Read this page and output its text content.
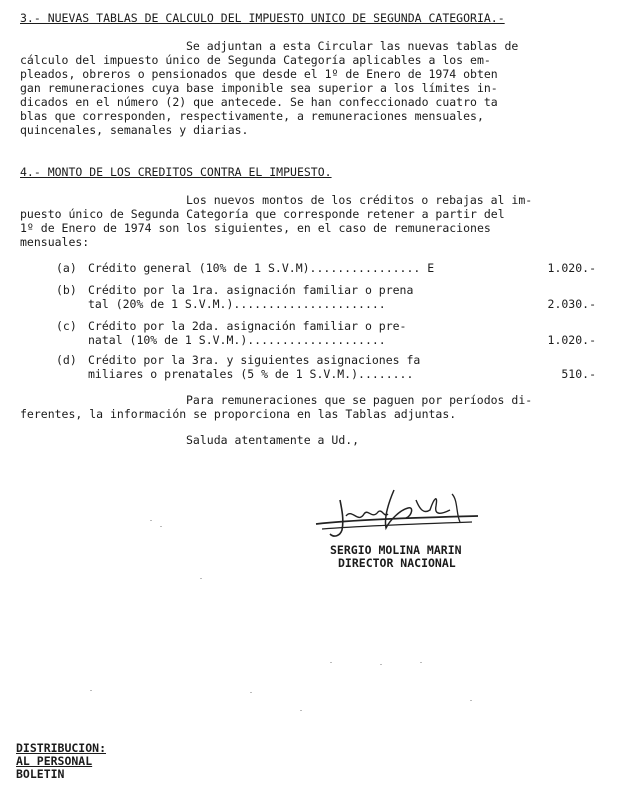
3.- NUEVAS TABLAS DE CALCULO DEL IMPUESTO UNICO DE SEGUNDA CATEGORIA.-
Se adjuntan a esta Circular las nuevas tablas de
cálculo del impuesto único de Segunda Categoría aplicables a los em-
pleados, obreros o pensionados que desde el 1º de Enero de 1974 obten
gan remuneraciones cuya base imponible sea superior a los límites in-
dicados en el número (2) que antecede. Se han confeccionado cuatro ta
blas que corresponden, respectivamente, a remuneraciones mensuales,
quincenales, semanales y diarias.
4.- MONTO DE LOS CREDITOS CONTRA EL IMPUESTO.
Los nuevos montos de los créditos o rebajas al im-
puesto único de Segunda Categoría que corresponde retener a partir del
1º de Enero de 1974 son los siguientes, en el caso de remuneraciones
mensuales:
(a) Crédito general (10% de 1 S.V.M)................ E	1.020.-
(b) Crédito por la 1ra. asignación familiar o prena
tal (20% de 1 S.V.M.)......................	2.030.-
(c) Crédito por la 2da. asignación familiar o pre-
natal (10% de 1 S.V.M.)....................	1.020.-
(d) Crédito por la 3ra. y siguientes asignaciones fa
miliares o prenatales (5 % de 1 S.V.M.)........	510.-
Para remuneraciones que se paguen por períodos di-
ferentes, la información se proporciona en las Tablas adjuntas.
Saluda atentamente a Ud.,
SERGIO MOLINA MARIN
DIRECTOR NACIONAL
DISTRIBUCION:
AL PERSONAL
BOLETIN
